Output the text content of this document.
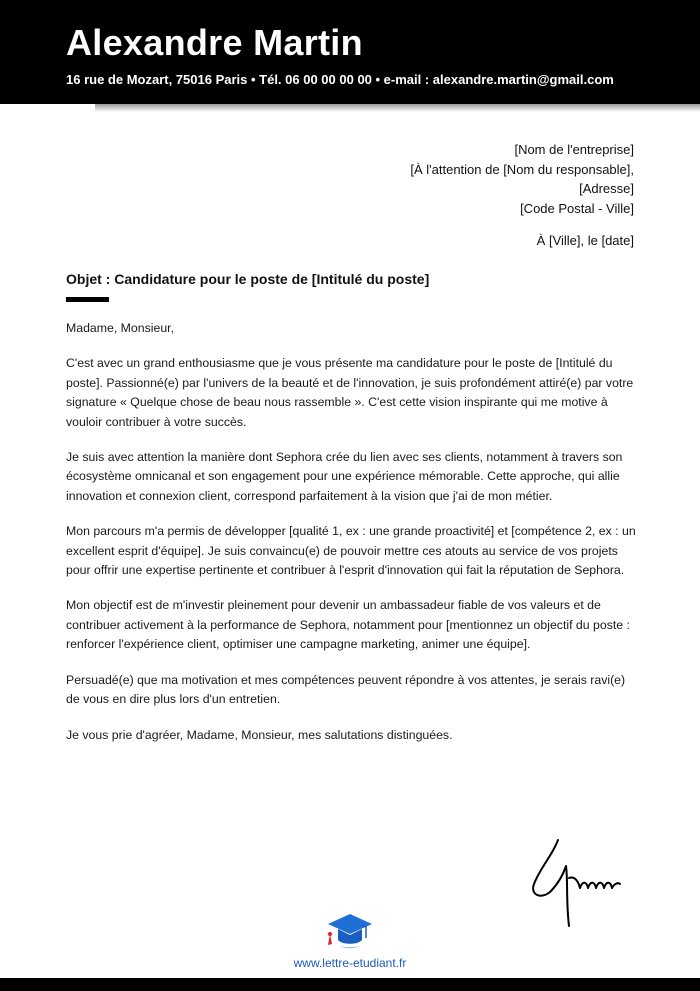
Alexandre Martin
16 rue de Mozart, 75016 Paris • Tél. 06 00 00 00 00 • e-mail : alexandre.martin@gmail.com
[Nom de l'entreprise]
[À l'attention de [Nom du responsable],
[Adresse]
[Code Postal - Ville]
À [Ville], le [date]
Objet : Candidature pour le poste de [Intitulé du poste]

Madame, Monsieur,

C'est avec un grand enthousiasme que je vous présente ma candidature pour le poste de [Intitulé du poste]. Passionné(e) par l'univers de la beauté et de l'innovation, je suis profondément attiré(e) par votre signature « Quelque chose de beau nous rassemble ». C'est cette vision inspirante qui me motive à vouloir contribuer à votre succès.

Je suis avec attention la manière dont Sephora crée du lien avec ses clients, notamment à travers son écosystème omnicanal et son engagement pour une expérience mémorable. Cette approche, qui allie innovation et connexion client, correspond parfaitement à la vision que j'ai de mon métier.

Mon parcours m'a permis de développer [qualité 1, ex : une grande proactivité] et [compétence 2, ex : un excellent esprit d'équipe]. Je suis convaincu(e) de pouvoir mettre ces atouts au service de vos projets pour offrir une expertise pertinente et contribuer à l'esprit d'innovation qui fait la réputation de Sephora.

Mon objectif est de m'investir pleinement pour devenir un ambassadeur fiable de vos valeurs et de contribuer activement à la performance de Sephora, notamment pour [mentionnez un objectif du poste : renforcer l'expérience client, optimiser une campagne marketing, animer une équipe].

Persuadé(e) que ma motivation et mes compétences peuvent répondre à vos attentes, je serais ravi(e) de vous en dire plus lors d'un entretien.

Je vous prie d'agréer, Madame, Monsieur, mes salutations distinguées.

www.lettre-etudiant.fr
